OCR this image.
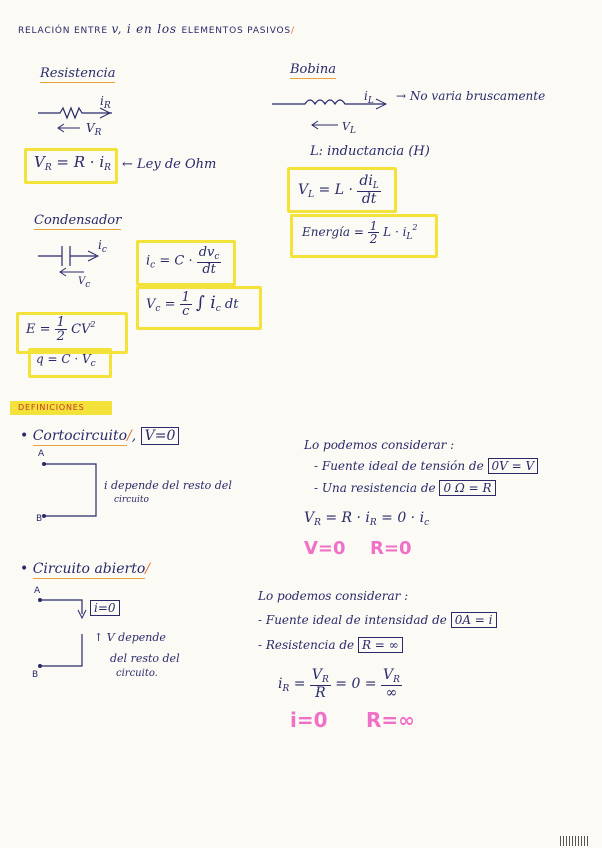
RELACIÓN ENTRE v, i en los ELEMENTOS PASIVOS/
Resistencia
$i_R$
$V_R$
$V_R = R \cdot i_R$ ← Ley de Ohm
Bobina
$i_L \to No$ varia bruscamente
$V_L$
L: inductancia (H)
$V_L = L \cdot \frac{di_L}{dt}$
Energía = $\frac{1}{2}$ $L \cdot i_L^2$
Condensador
$i_c$
Vc
$i_c = C \cdot \frac{dv_c}{dt}$
$V_c = \frac{1}{c}$ ∫ $i_c$ dt
$E = \frac{1}{2} CV^2$
$q = C \cdot V_c$
DEFINICIONES
• Cortocircuito/, V=0
A
B
i depende del resto del
circuito
Lo podemos considerar :
- Fuente ideal de tensión de 0V = V
- Una resistencia de 0 Ω = R
$V_R = R \cdot i_R = 0 \cdot i_c$
V=0 R=0
• Circuito abierto/
A
B
i=0
↑ V depende
del resto del
circuito.
Lo podemos considerar :
- Fuente ideal de intensidad de 0A = i
- Resistencia de R = ∞
$i_R = \frac{V_R}{R} = 0 = \frac{V_R}{\infty}$
i=0 R=∞
